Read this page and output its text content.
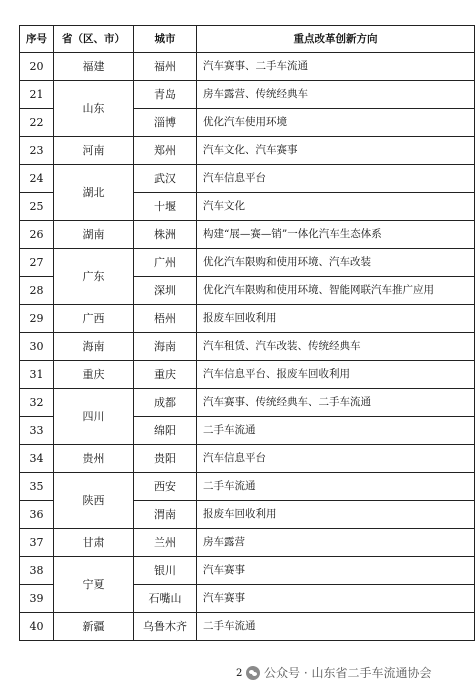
序号	省（区、市）	城市	重点改革创新方向
20	福建	福州	汽车赛事、二手车流通
21	山东	青岛	房车露营、传统经典车
22		淄博	优化汽车使用环境
23	河南	郑州	汽车文化、汽车赛事
24	湖北	武汉	汽车信息平台
25		十堰	汽车文化
26	湖南	株洲	构建“展—赛—销”一体化汽车生态体系
27	广东	广州	优化汽车限购和使用环境、汽车改装
28		深圳	优化汽车限购和使用环境、智能网联汽车推广应用
29	广西	梧州	报废车回收利用
30	海南	海南	汽车租赁、汽车改装、传统经典车
31	重庆	重庆	汽车信息平台、报废车回收利用
32	四川	成都	汽车赛事、传统经典车、二手车流通
33		绵阳	二手车流通
34	贵州	贵阳	汽车信息平台
35	陕西	西安	二手车流通
36		渭南	报废车回收利用
37	甘肃	兰州	房车露营
38	宁夏	银川	汽车赛事
39		石嘴山	汽车赛事
40	新疆	乌鲁木齐	二手车流通
2 公众号 · 山东省二手车流通协会
